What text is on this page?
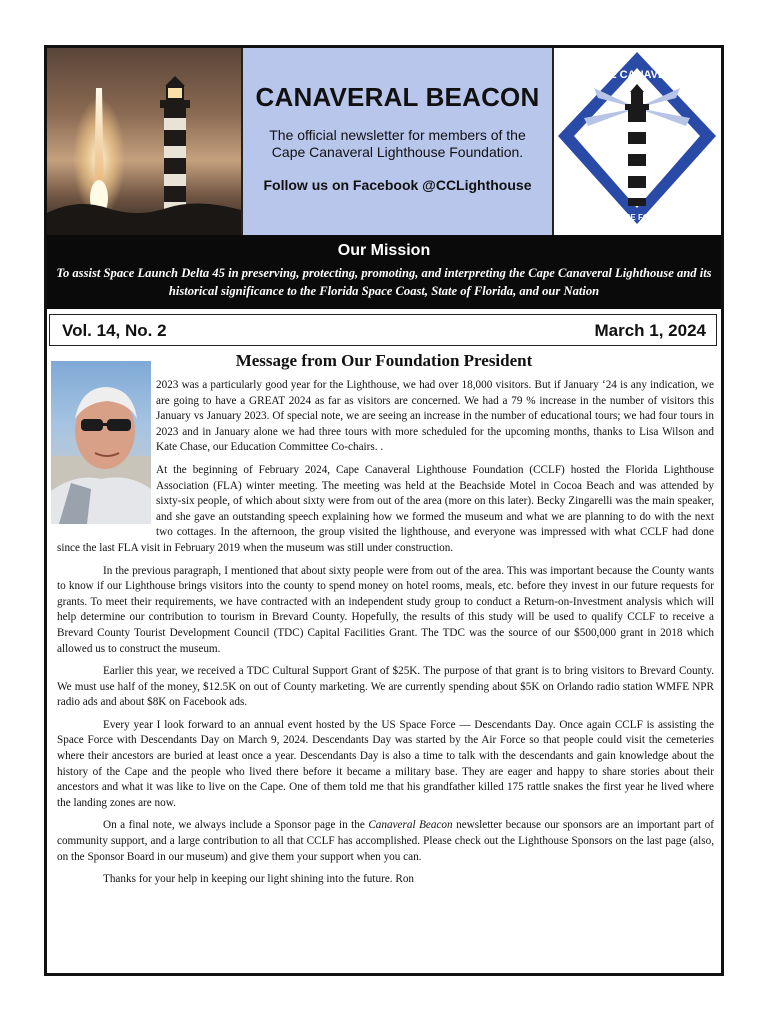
CANAVERAL BEACON
The official newsletter for members of the Cape Canaveral Lighthouse Foundation.
Follow us on Facebook @CCLighthouse
CAPE CANAVERAL
LIGHTHOUSE FOUNDATION
Our Mission
To assist Space Launch Delta 45 in preserving, protecting, promoting, and interpreting the Cape Canaveral Lighthouse and its historical significance to the Florida Space Coast, State of Florida, and our Nation
Vol. 14, No. 2	March 1, 2024
Message from Our Foundation President

2023 was a particularly good year for the Lighthouse, we had over 18,000 visitors. But if January ‘24 is any indication, we are going to have a GREAT 2024 as far as visitors are concerned. We had a 79 % increase in the number of visitors this January vs January 2023. Of special note, we are seeing an increase in the number of educational tours; we had four tours in 2023 and in January alone we had three tours with more scheduled for the upcoming months, thanks to Lisa Wilson and Kate Chase, our Education Committee Co-chairs. .

At the beginning of February 2024, Cape Canaveral Lighthouse Foundation (CCLF) hosted the Florida Lighthouse Association (FLA) winter meeting. The meeting was held at the Beachside Motel in Cocoa Beach and was attended by sixty-six people, of which about sixty were from out of the area (more on this later). Becky Zingarelli was the main speaker, and she gave an outstanding speech explaining how we formed the museum and what we are planning to do with the next two cottages. In the afternoon, the group visited the lighthouse, and everyone was impressed with what CCLF had done since the last FLA visit in February 2019 when the museum was still under construction.

In the previous paragraph, I mentioned that about sixty people were from out of the area. This was important because the County wants to know if our Lighthouse brings visitors into the county to spend money on hotel rooms, meals, etc. before they invest in our future requests for grants. To meet their requirements, we have contracted with an independent study group to conduct a Return-on-Investment analysis which will help determine our contribution to tourism in Brevard County. Hopefully, the results of this study will be used to qualify CCLF to receive a Brevard County Tourist Development Council (TDC) Capital Facilities Grant. The TDC was the source of our $500,000 grant in 2018 which allowed us to construct the museum.

Earlier this year, we received a TDC Cultural Support Grant of $25K. The purpose of that grant is to bring visitors to Brevard County. We must use half of the money, $12.5K on out of County marketing. We are currently spending about $5K on Orlando radio station WMFE NPR radio ads and about $8K on Facebook ads.

Every year I look forward to an annual event hosted by the US Space Force — Descendants Day. Once again CCLF is assisting the Space Force with Descendants Day on March 9, 2024. Descendants Day was started by the Air Force so that people could visit the cemeteries where their ancestors are buried at least once a year. Descendants Day is also a time to talk with the descendants and gain knowledge about the history of the Cape and the people who lived there before it became a military base. They are eager and happy to share stories about their ancestors and what it was like to live on the Cape. One of them told me that his grandfather killed 175 rattle snakes the first year he lived where the landing zones are now.

On a final note, we always include a Sponsor page in the Canaveral Beacon newsletter because our sponsors are an important part of community support, and a large contribution to all that CCLF has accomplished. Please check out the Lighthouse Sponsors on the last page (also, on the Sponsor Board in our museum) and give them your support when you can.

Thanks for your help in keeping our light shining into the future. Ron
